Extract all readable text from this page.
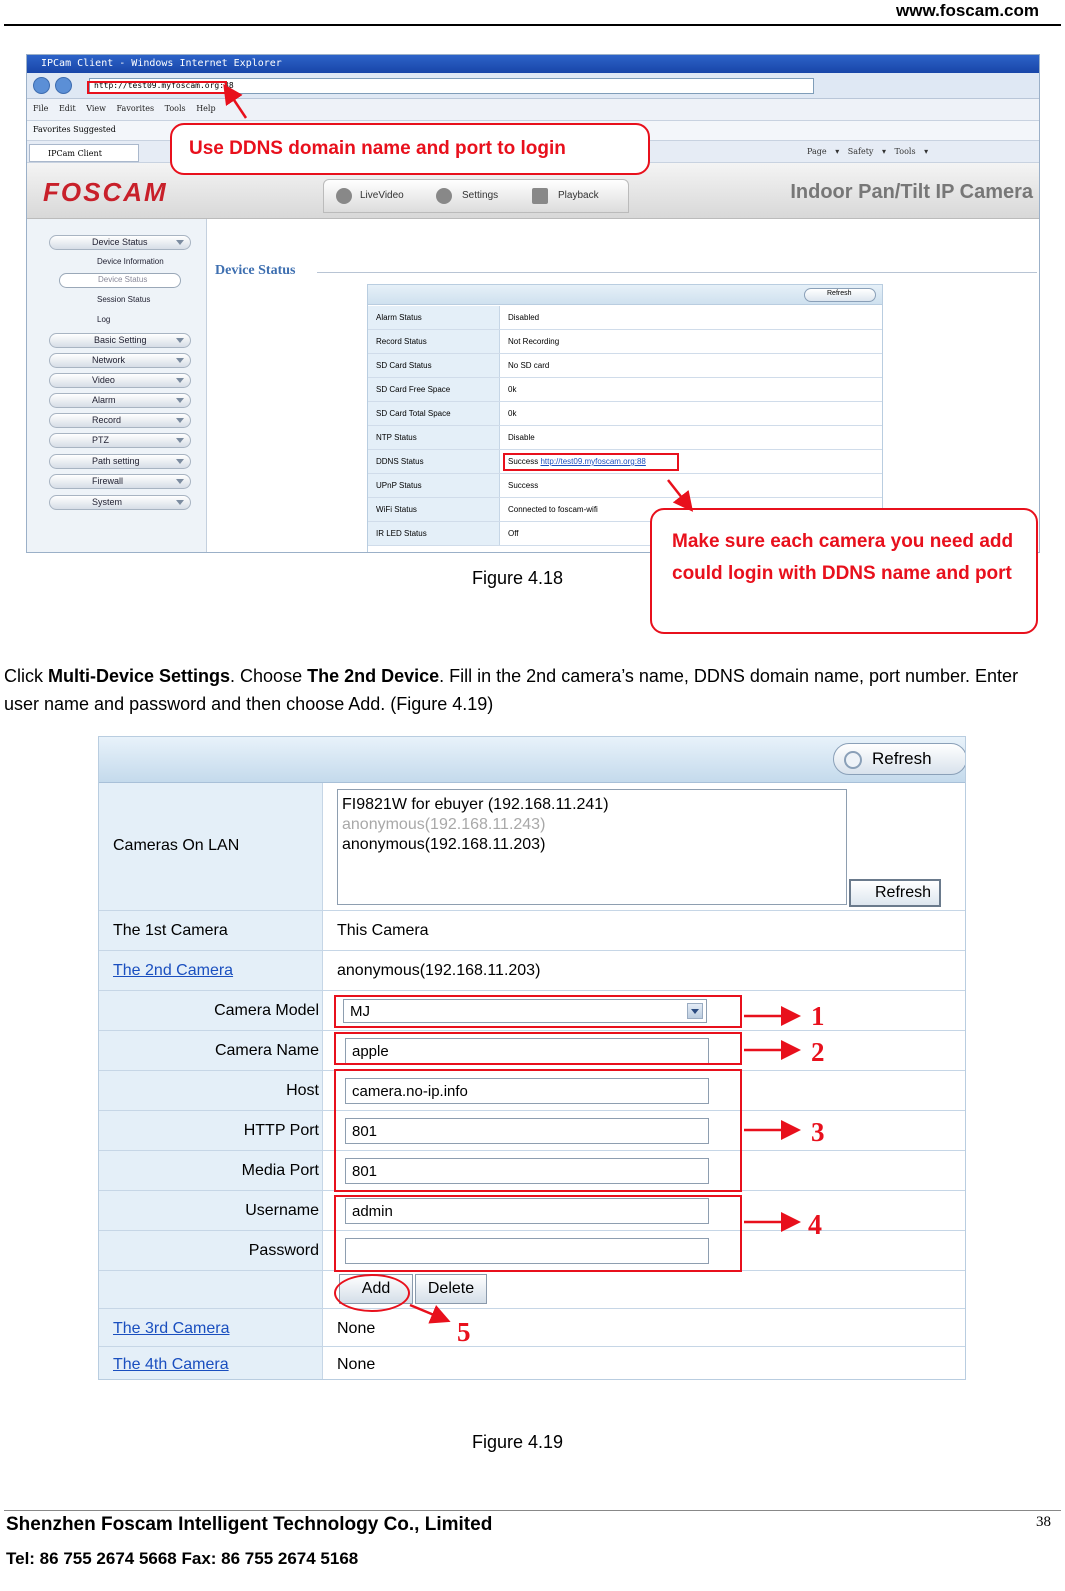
www.foscam.com
IPCam Client - Windows Internet Explorer
http://test09.myfoscam.org:88
File Edit View Favorites Tools Help
Favorites Suggested
IPCam Client	Page ▾ Safety ▾ Tools ▾
FOSCAM	LiveVideo	Settings	Playback	Indoor Pan/Tilt IP Camera
Device Status
Device Information
Device Status
Session Status
Log
Basic Setting
Network
Video
Alarm
Record
PTZ
Path setting
Firewall
System
Device Status
Refresh
Alarm Status	Disabled
Record Status	Not Recording
SD Card Status	No SD card
SD Card Free Space	0k
SD Card Total Space	0k
NTP Status	Disable
DDNS Status	Success http://test09.myfoscam.org:88
UPnP Status	Success
WiFi Status	Connected to foscam-wifi
IR LED Status	Off
Use DDNS domain name and port to login
Make sure each camera you need add could login with DDNS name and port
Figure 4.18
Click Multi-Device Settings. Choose The 2nd Device. Fill in the 2nd camera’s name, DDNS domain name, port number. Enter user name and password and then choose Add. (Figure 4.19)
Refresh
Cameras On LAN
FI9821W for ebuyer (192.168.11.241)
anonymous(192.168.11.243)
anonymous(192.168.11.203)
Refresh
The 1st Camera	This Camera
The 2nd Camera	anonymous(192.168.11.203)
Camera Model	MJ
Camera Name	apple
Host	camera.no-ip.info
HTTP Port	801
Media Port	801
Username	admin
Password
Add	Delete
The 3rd Camera	None
The 4th Camera	None
1
2
3
4
5
Figure 4.19
Shenzhen Foscam Intelligent Technology Co., Limited
Tel: 86 755 2674 5668 Fax: 86 755 2674 5168
38
